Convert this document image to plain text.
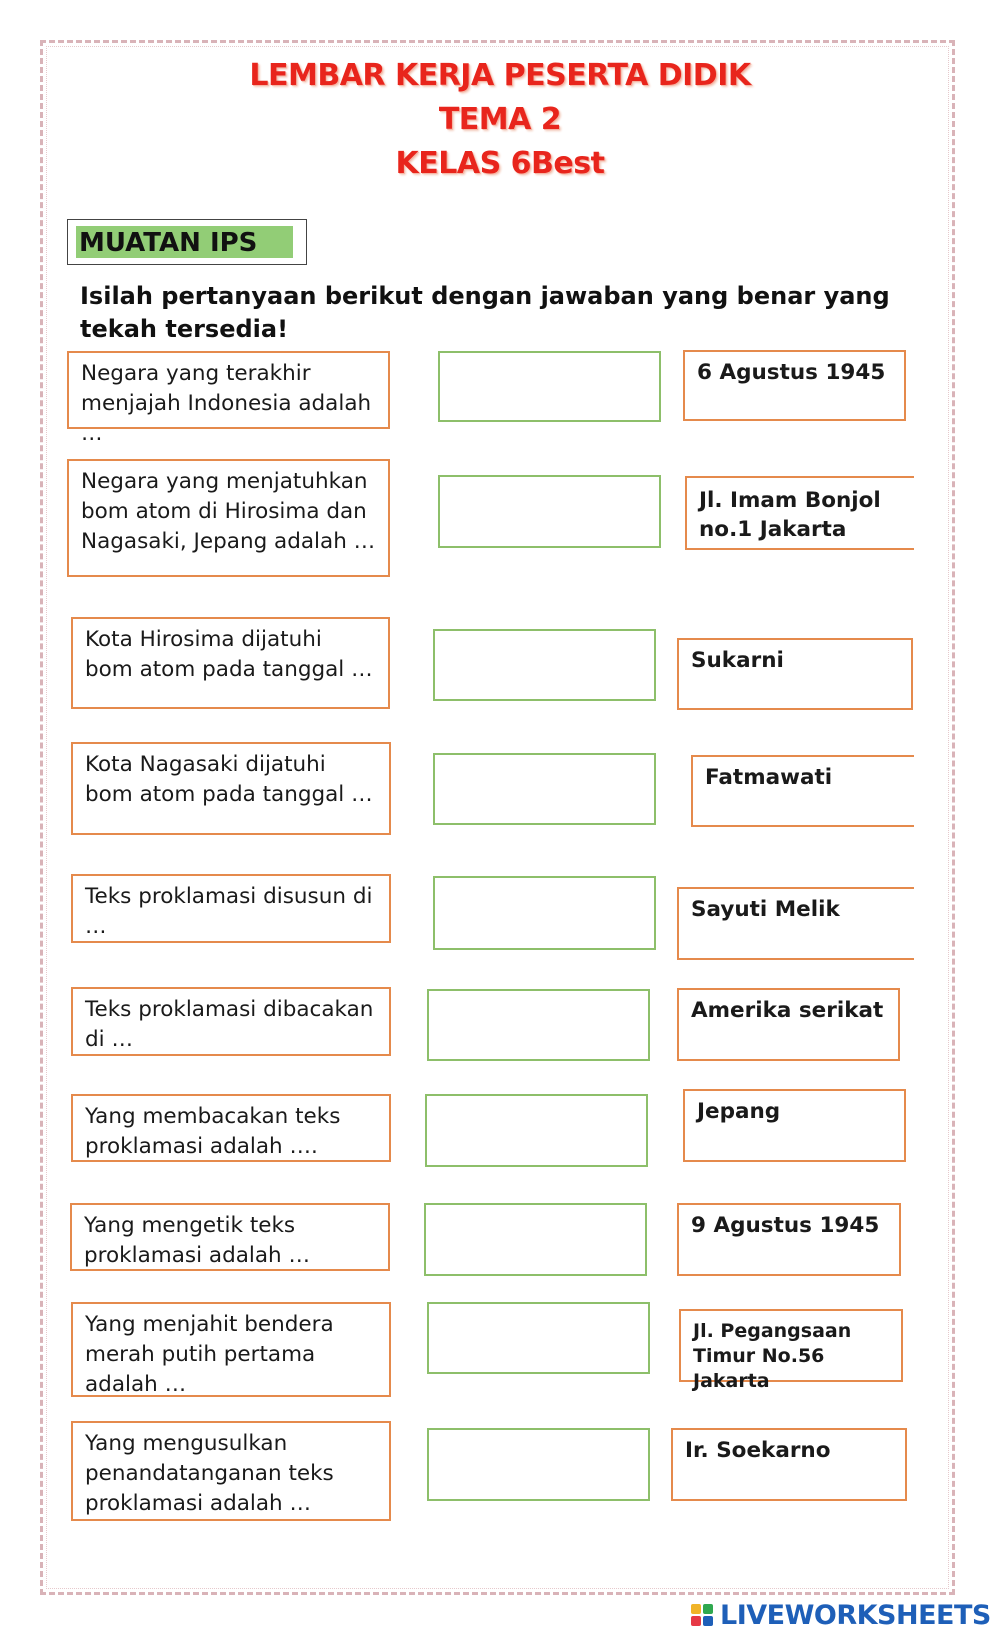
LEMBAR KERJA PESERTA DIDIK
TEMA 2
KELAS 6Best
MUATAN IPS
Isilah pertanyaan berikut dengan jawaban yang benar yang tekah tersedia!
Negara yang terakhir menjajah Indonesia adalah …
6 Agustus 1945
Negara yang menjatuhkan bom atom di Hirosima dan Nagasaki, Jepang adalah …
Jl. Imam Bonjol no.1 Jakarta
Kota Hirosima dijatuhi bom atom pada tanggal …	Sukarni
Kota Nagasaki dijatuhi bom atom pada tanggal …
Fatmawati
Teks proklamasi disusun di …
Sayuti Melik
Teks proklamasi dibacakan di …
Amerika serikat
Yang membacakan teks proklamasi adalah ….
Jepang
Yang mengetik teks proklamasi adalah …
9 Agustus 1945
Yang menjahit bendera merah putih pertama adalah …
Jl. Pegangsaan Timur No.56 Jakarta
Yang mengusulkan penandatanganan teks proklamasi adalah …
Ir. Soekarno
LIVEWORKSHEETS
